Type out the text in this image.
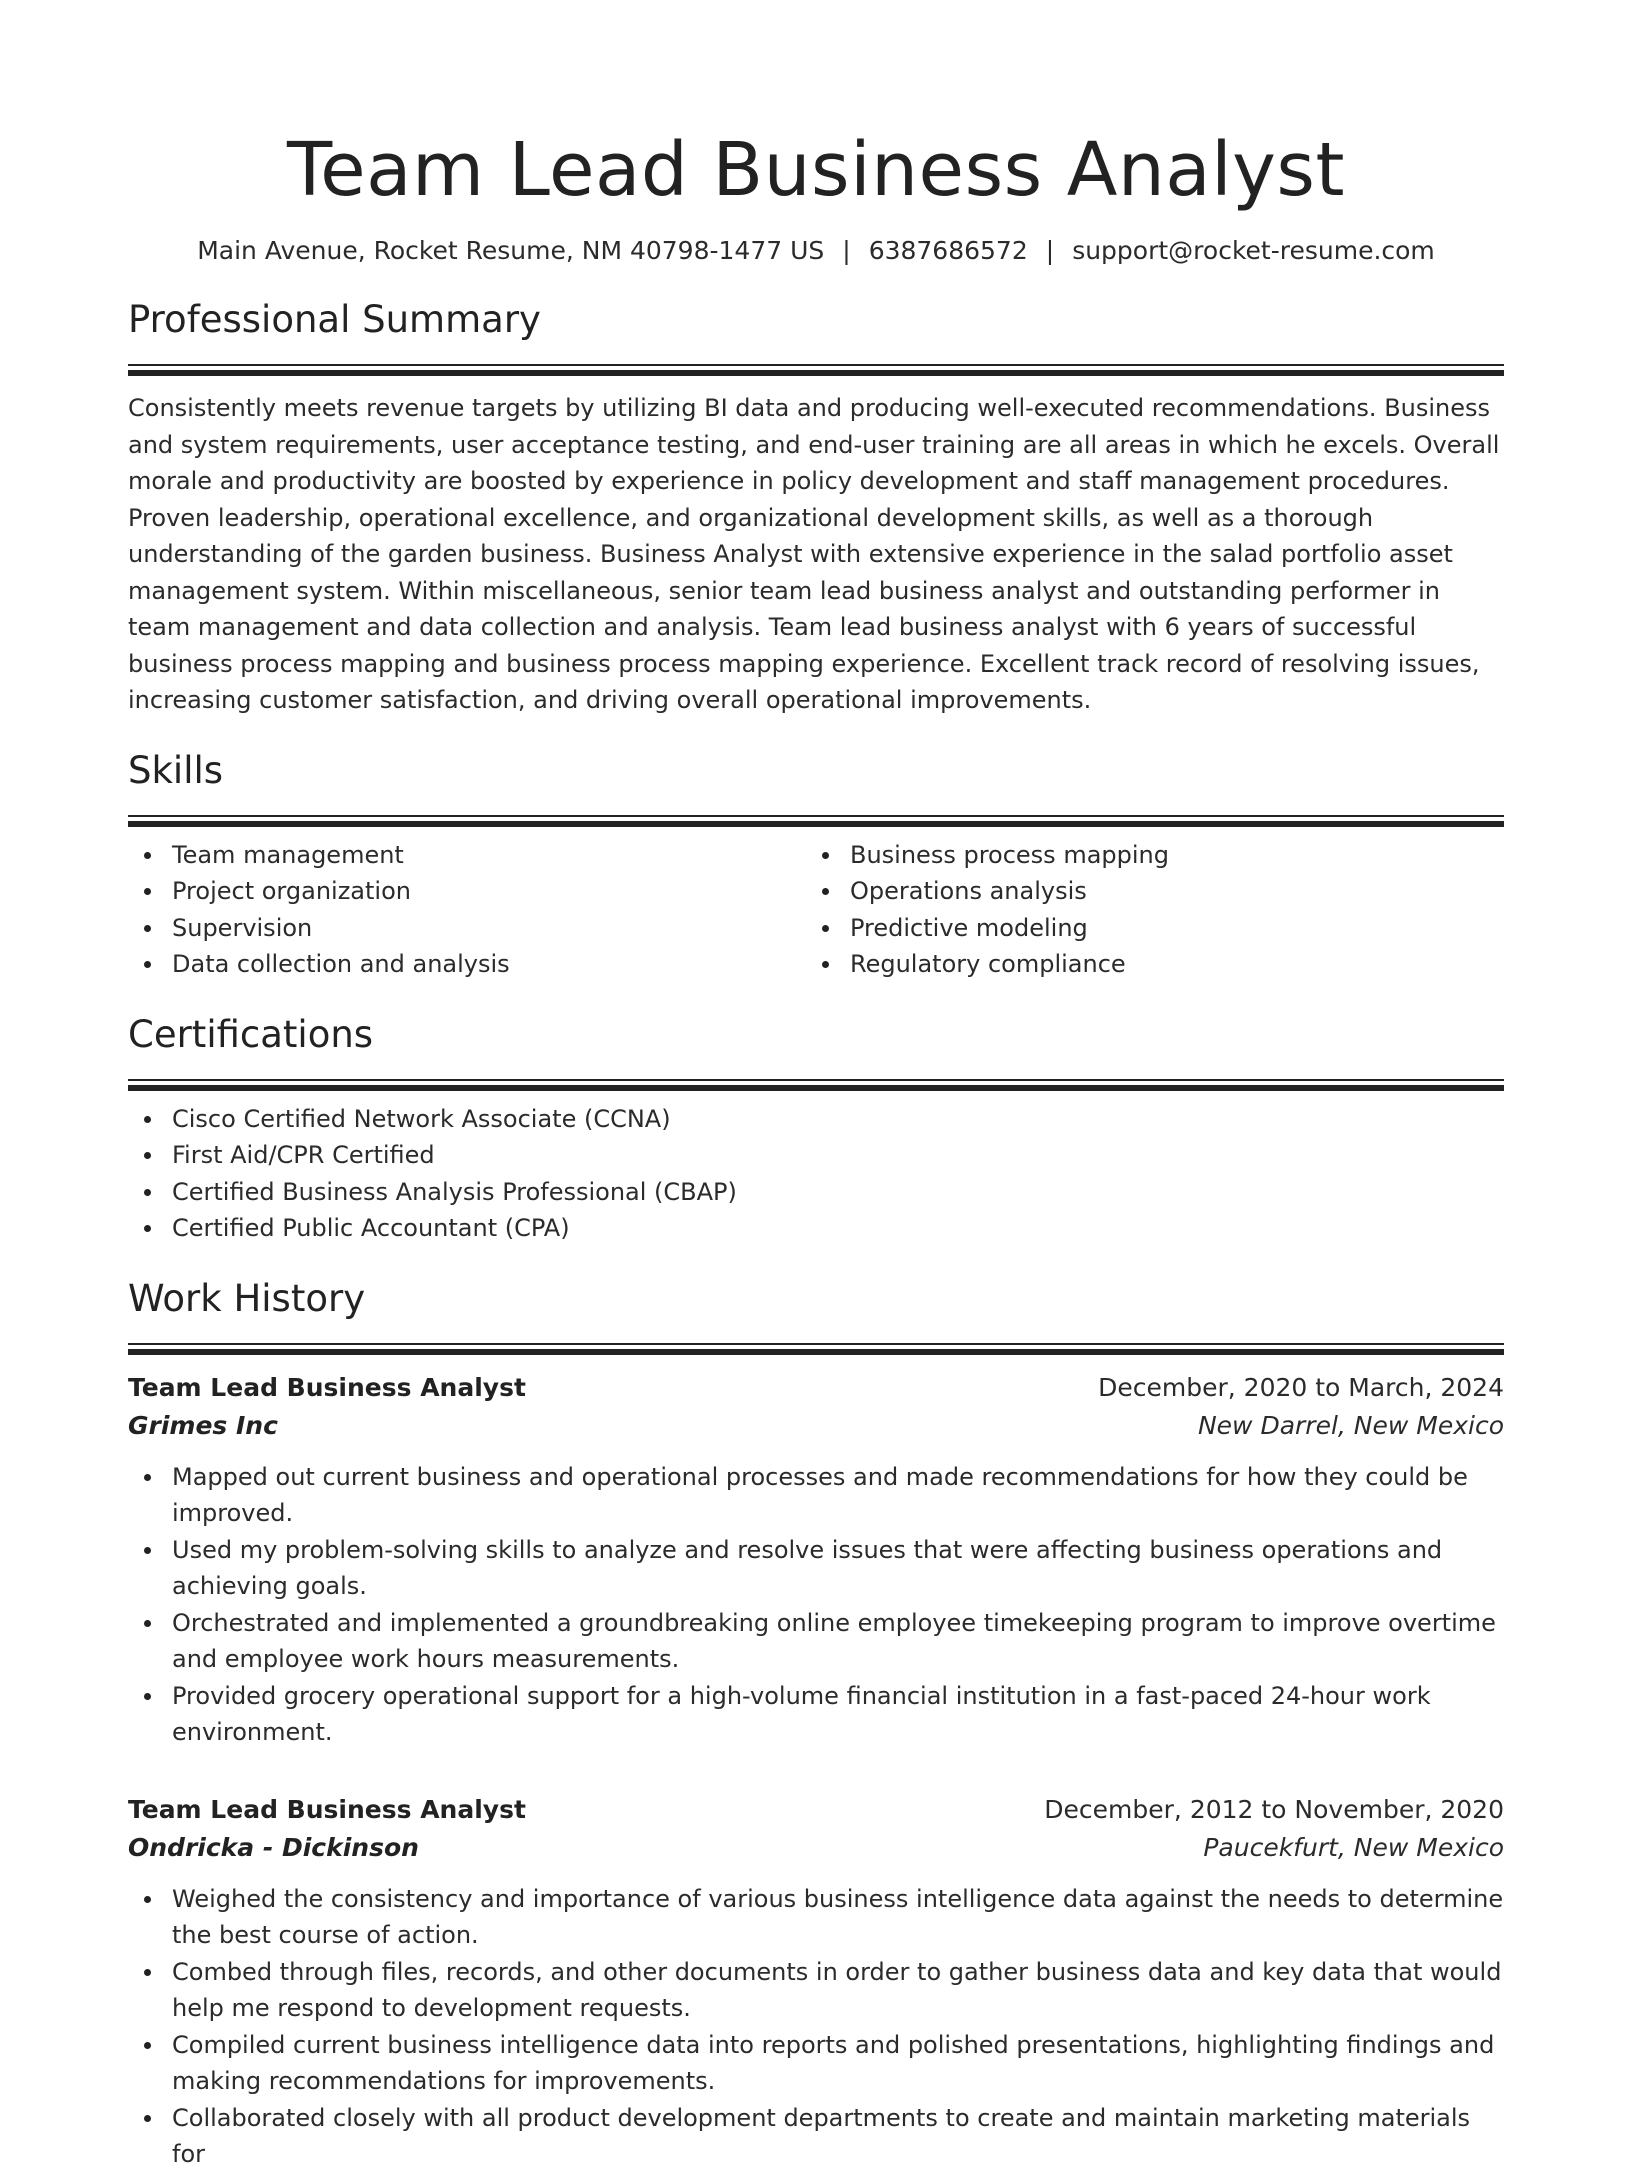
Team Lead Business Analyst
Main Avenue, Rocket Resume, NM 40798-1477 US | 6387686572 | support@rocket-resume.com
Professional Summary

Consistently meets revenue targets by utilizing BI data and producing well-executed recommendations. Business and system requirements, user acceptance testing, and end-user training are all areas in which he excels. Overall morale and productivity are boosted by experience in policy development and staff management procedures. Proven leadership, operational excellence, and organizational development skills, as well as a thorough understanding of the garden business. Business Analyst with extensive experience in the salad portfolio asset management system. Within miscellaneous, senior team lead business analyst and outstanding performer in team management and data collection and analysis. Team lead business analyst with 6 years of successful business process mapping and business process mapping experience. Excellent track record of resolving issues, increasing customer satisfaction, and driving overall operational improvements.

Skills
Team management
Project organization
Supervision
Data collection and analysis
Business process mapping
Operations analysis
Predictive modeling
Regulatory compliance
Certifications
Cisco Certified Network Associate (CCNA)
First Aid/CPR Certified
Certified Business Analysis Professional (CBAP)
Certified Public Accountant (CPA)
Work History
Team Lead Business Analyst	December, 2020 to March, 2024
Grimes Inc	New Darrel, New Mexico
Mapped out current business and operational processes and made recommendations for how they could be improved.
Used my problem-solving skills to analyze and resolve issues that were affecting business operations and achieving goals.
Orchestrated and implemented a groundbreaking online employee timekeeping program to improve overtime and employee work hours measurements.
Provided grocery operational support for a high-volume financial institution in a fast-paced 24-hour work environment.
Team Lead Business Analyst	December, 2012 to November, 2020
Ondricka - Dickinson	Paucekfurt, New Mexico
Weighed the consistency and importance of various business intelligence data against the needs to determine the best course of action.
Combed through files, records, and other documents in order to gather business data and key data that would help me respond to development requests.
Compiled current business intelligence data into reports and polished presentations, highlighting findings and making recommendations for improvements.
Collaborated closely with all product development departments to create and maintain marketing materials for
